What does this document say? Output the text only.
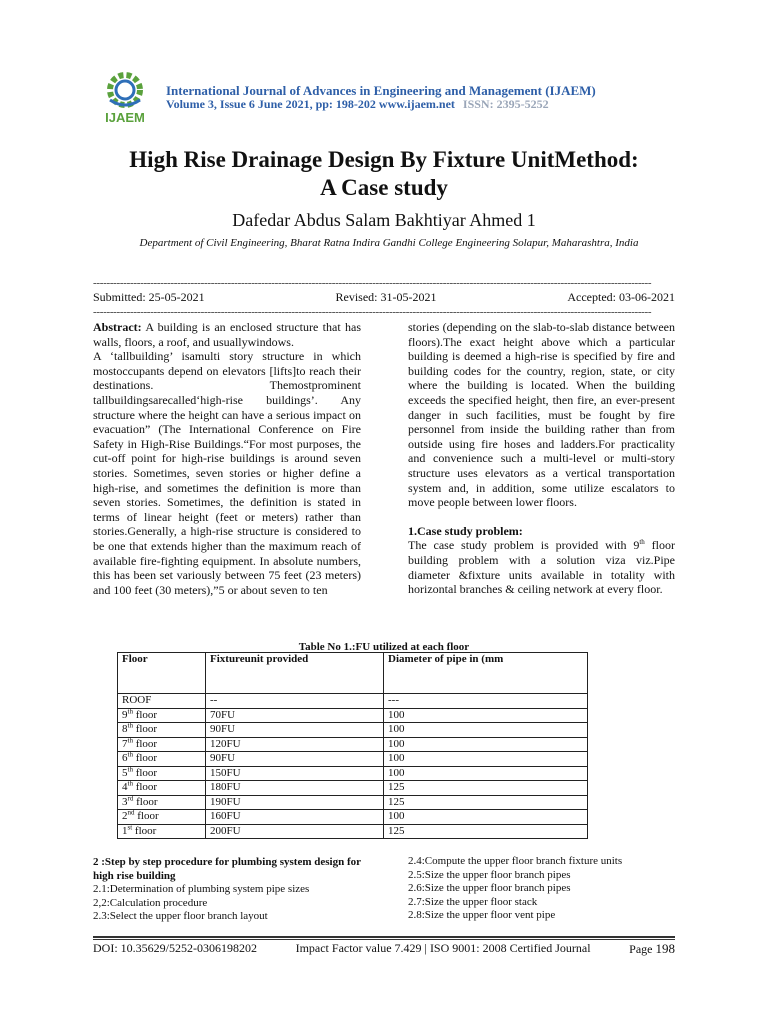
IJAEM
International Journal of Advances in Engineering and Management (IJAEM)
Volume 3, Issue 6 June 2021, pp: 198-202 www.ijaem.net ISSN: 2395-5252
High Rise Drainage Design By Fixture UnitMethod:
A Case study
Dafedar Abdus Salam Bakhtiyar Ahmed 1
Department of Civil Engineering, Bharat Ratna Indira Gandhi College Engineering Solapur, Maharashtra, India
----------------------------------------------------------------------------------------------------------------------------------------------------------------------
Submitted: 25-05-2021	Revised: 31-05-2021	Accepted: 03-06-2021
----------------------------------------------------------------------------------------------------------------------------------------------------------------------

Abstract: A building is an enclosed structure that has walls, floors, a roof, and usuallywindows.

A ‘tallbuilding’ isamulti story structure in which mostoccupants depend on elevators [lifts]to reach their destinations. Themostprominent tallbuildingsarecalled‘high-rise buildings’. Any structure where the height can have a serious impact on evacuation” (The International Conference on Fire Safety in High-Rise Buildings.“For most purposes, the cut-off point for high-rise buildings is around seven stories. Sometimes, seven stories or higher define a high-rise, and sometimes the definition is more than seven stories. Sometimes, the definition is stated in terms of linear height (feet or meters) rather than stories.Generally, a high-rise structure is considered to be one that extends higher than the maximum reach of available fire-fighting equipment. In absolute numbers, this has been set variously between 75 feet (23 meters) and 100 feet (30 meters),”5 or about seven to ten

stories (depending on the slab-to-slab distance between floors).The exact height above which a particular building is deemed a high-rise is specified by fire and building codes for the country, region, state, or city where the building is located. When the building exceeds the specified height, then fire, an ever-present danger in such facilities, must be fought by fire personnel from inside the building rather than from outside using fire hoses and ladders.For practicality and convenience such a multi-level or multi-story structure uses elevators as a vertical transportation system and, in addition, some utilize escalators to move people between lower floors.

1.Case study problem:

The case study problem is provided with 9th floor building problem with a solution viza viz.Pipe diameter &fixture units available in totality with horizontal branches & ceiling network at every floor.

Table No 1.:FU utilized at each floor
Floor	Fixtureunit provided	Diameter of pipe in (mm
ROOF	--	---
9th floor	70FU	100
8th floor	90FU	100
7th floor	120FU	100
6th floor	90FU	100
5th floor	150FU	100
4th floor	180FU	125
3rd floor	190FU	125
2nd floor	160FU	100
1st floor	200FU	125
2 :Step by step procedure for plumbing system design for high rise building
2.1:Determination of plumbing system pipe sizes
2,2:Calculation procedure
2.3:Select the upper floor branch layout
2.4:Compute the upper floor branch fixture units
2.5:Size the upper floor branch pipes
2.6:Size the upper floor branch pipes
2.7:Size the upper floor stack
2.8:Size the upper floor vent pipe
DOI: 10.35629/5252-0306198202	Impact Factor value 7.429 | ISO 9001: 2008 Certified Journal	Page 198
